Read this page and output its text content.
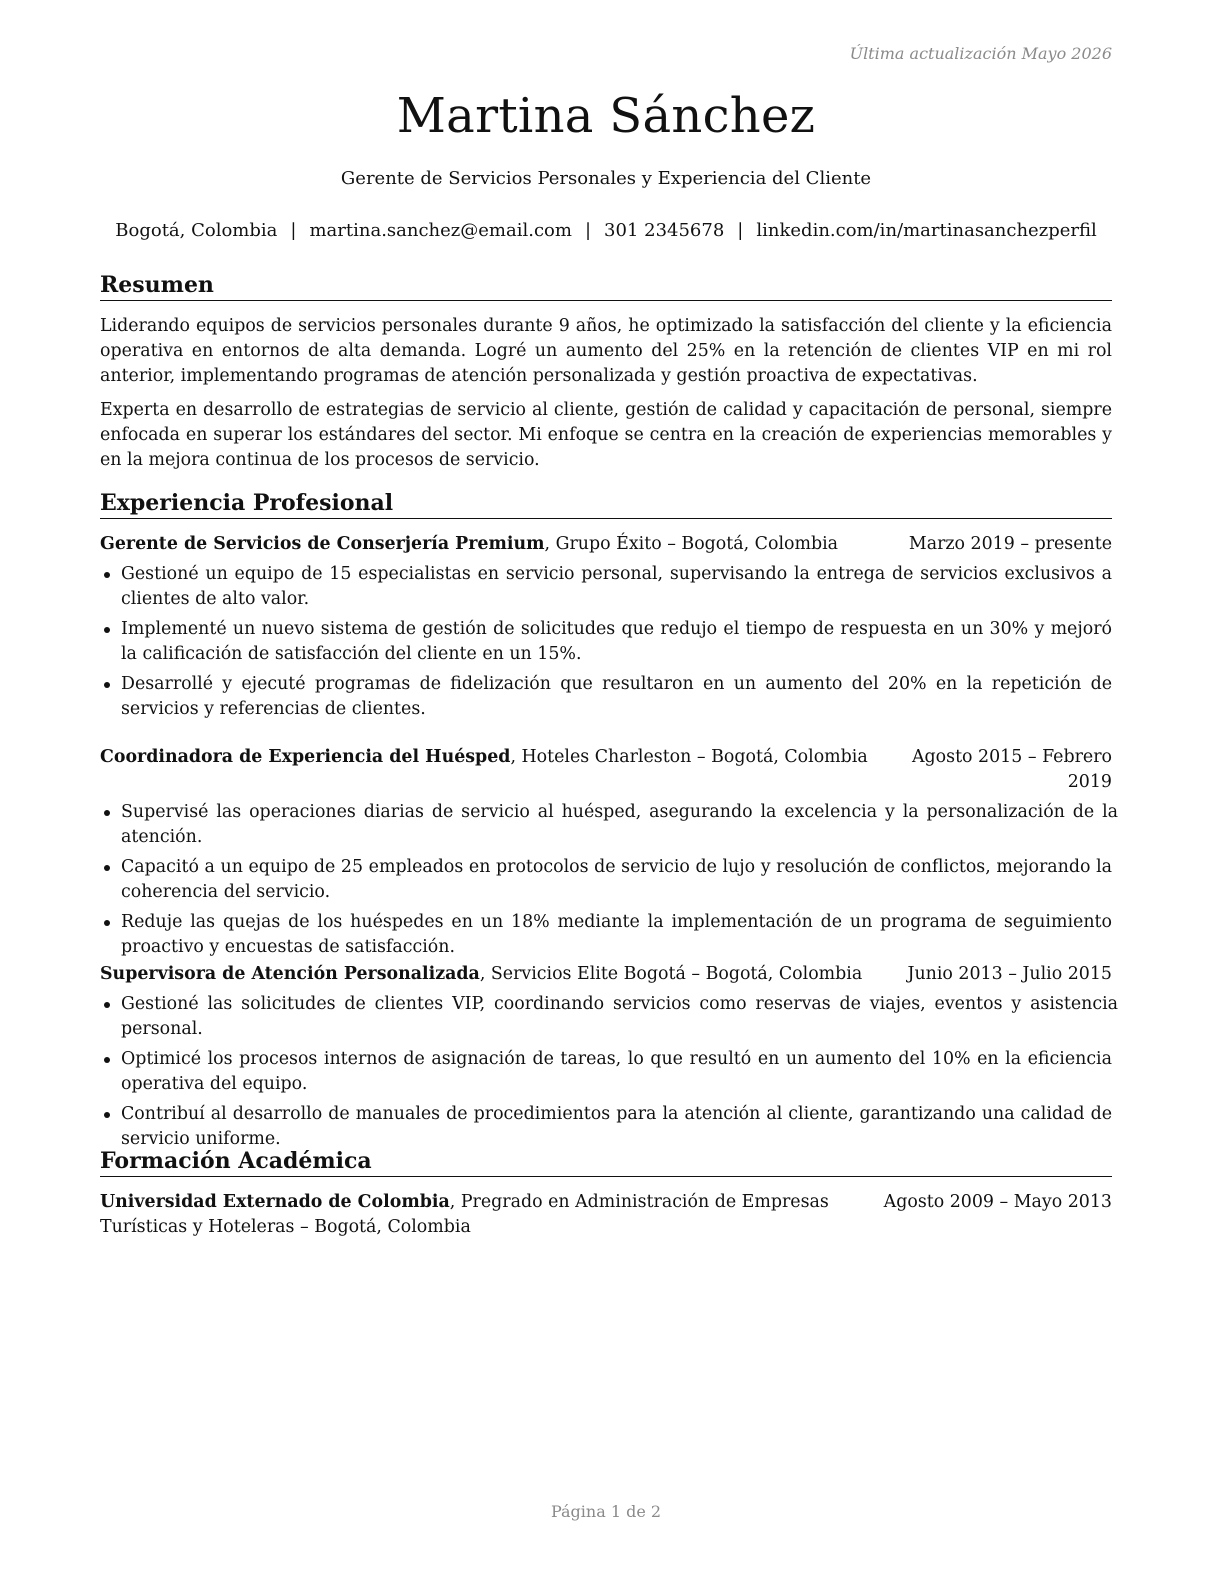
Última actualización Mayo 2026
Martina Sánchez
Gerente de Servicios Personales y Experiencia del Cliente
Bogotá, Colombia | martina.sanchez@email.com | 301 2345678 | linkedin.com/in/martinasanchezperfil
Resumen
Liderando equipos de servicios personales durante 9 años, he optimizado la satisfacción del cliente y la eficiencia operativa en entornos de alta demanda. Logré un aumento del 25% en la retención de clientes VIP en mi rol anterior, implementando programas de atención personalizada y gestión proactiva de expectativas.
Experta en desarrollo de estrategias de servicio al cliente, gestión de calidad y capacitación de personal, siempre enfocada en superar los estándares del sector. Mi enfoque se centra en la creación de experiencias memorables y en la mejora continua de los procesos de servicio.
Experiencia Profesional
Gerente de Servicios de Conserjería Premium, Grupo Éxito – Bogotá, Colombia	Marzo 2019 – presente
Gestioné un equipo de 15 especialistas en servicio personal, supervisando la entrega de servicios exclusivos a clientes de alto valor.
Implementé un nuevo sistema de gestión de solicitudes que redujo el tiempo de respuesta en un 30% y mejoró la calificación de satisfacción del cliente en un 15%.
Desarrollé y ejecuté programas de fidelización que resultaron en un aumento del 20% en la repetición de servicios y referencias de clientes.
Coordinadora de Experiencia del Huésped, Hoteles Charleston – Bogotá, Colombia	Agosto 2015 – Febrero 2019
Supervisé las operaciones diarias de servicio al huésped, asegurando la excelencia y la personalización de la atención.
Capacitó a un equipo de 25 empleados en protocolos de servicio de lujo y resolución de conflictos, mejorando la coherencia del servicio.
Reduje las quejas de los huéspedes en un 18% mediante la implementación de un programa de seguimiento proactivo y encuestas de satisfacción.
Supervisora de Atención Personalizada, Servicios Elite Bogotá – Bogotá, Colombia	Junio 2013 – Julio 2015
Gestioné las solicitudes de clientes VIP, coordinando servicios como reservas de viajes, eventos y asistencia personal.
Optimicé los procesos internos de asignación de tareas, lo que resultó en un aumento del 10% en la eficiencia operativa del equipo.
Contribuí al desarrollo de manuales de procedimientos para la atención al cliente, garantizando una calidad de servicio uniforme.
Formación Académica
Universidad Externado de Colombia, Pregrado en Administración de Empresas Turísticas y Hoteleras – Bogotá, Colombia
Agosto 2009 – Mayo 2013
Página 1 de 2
